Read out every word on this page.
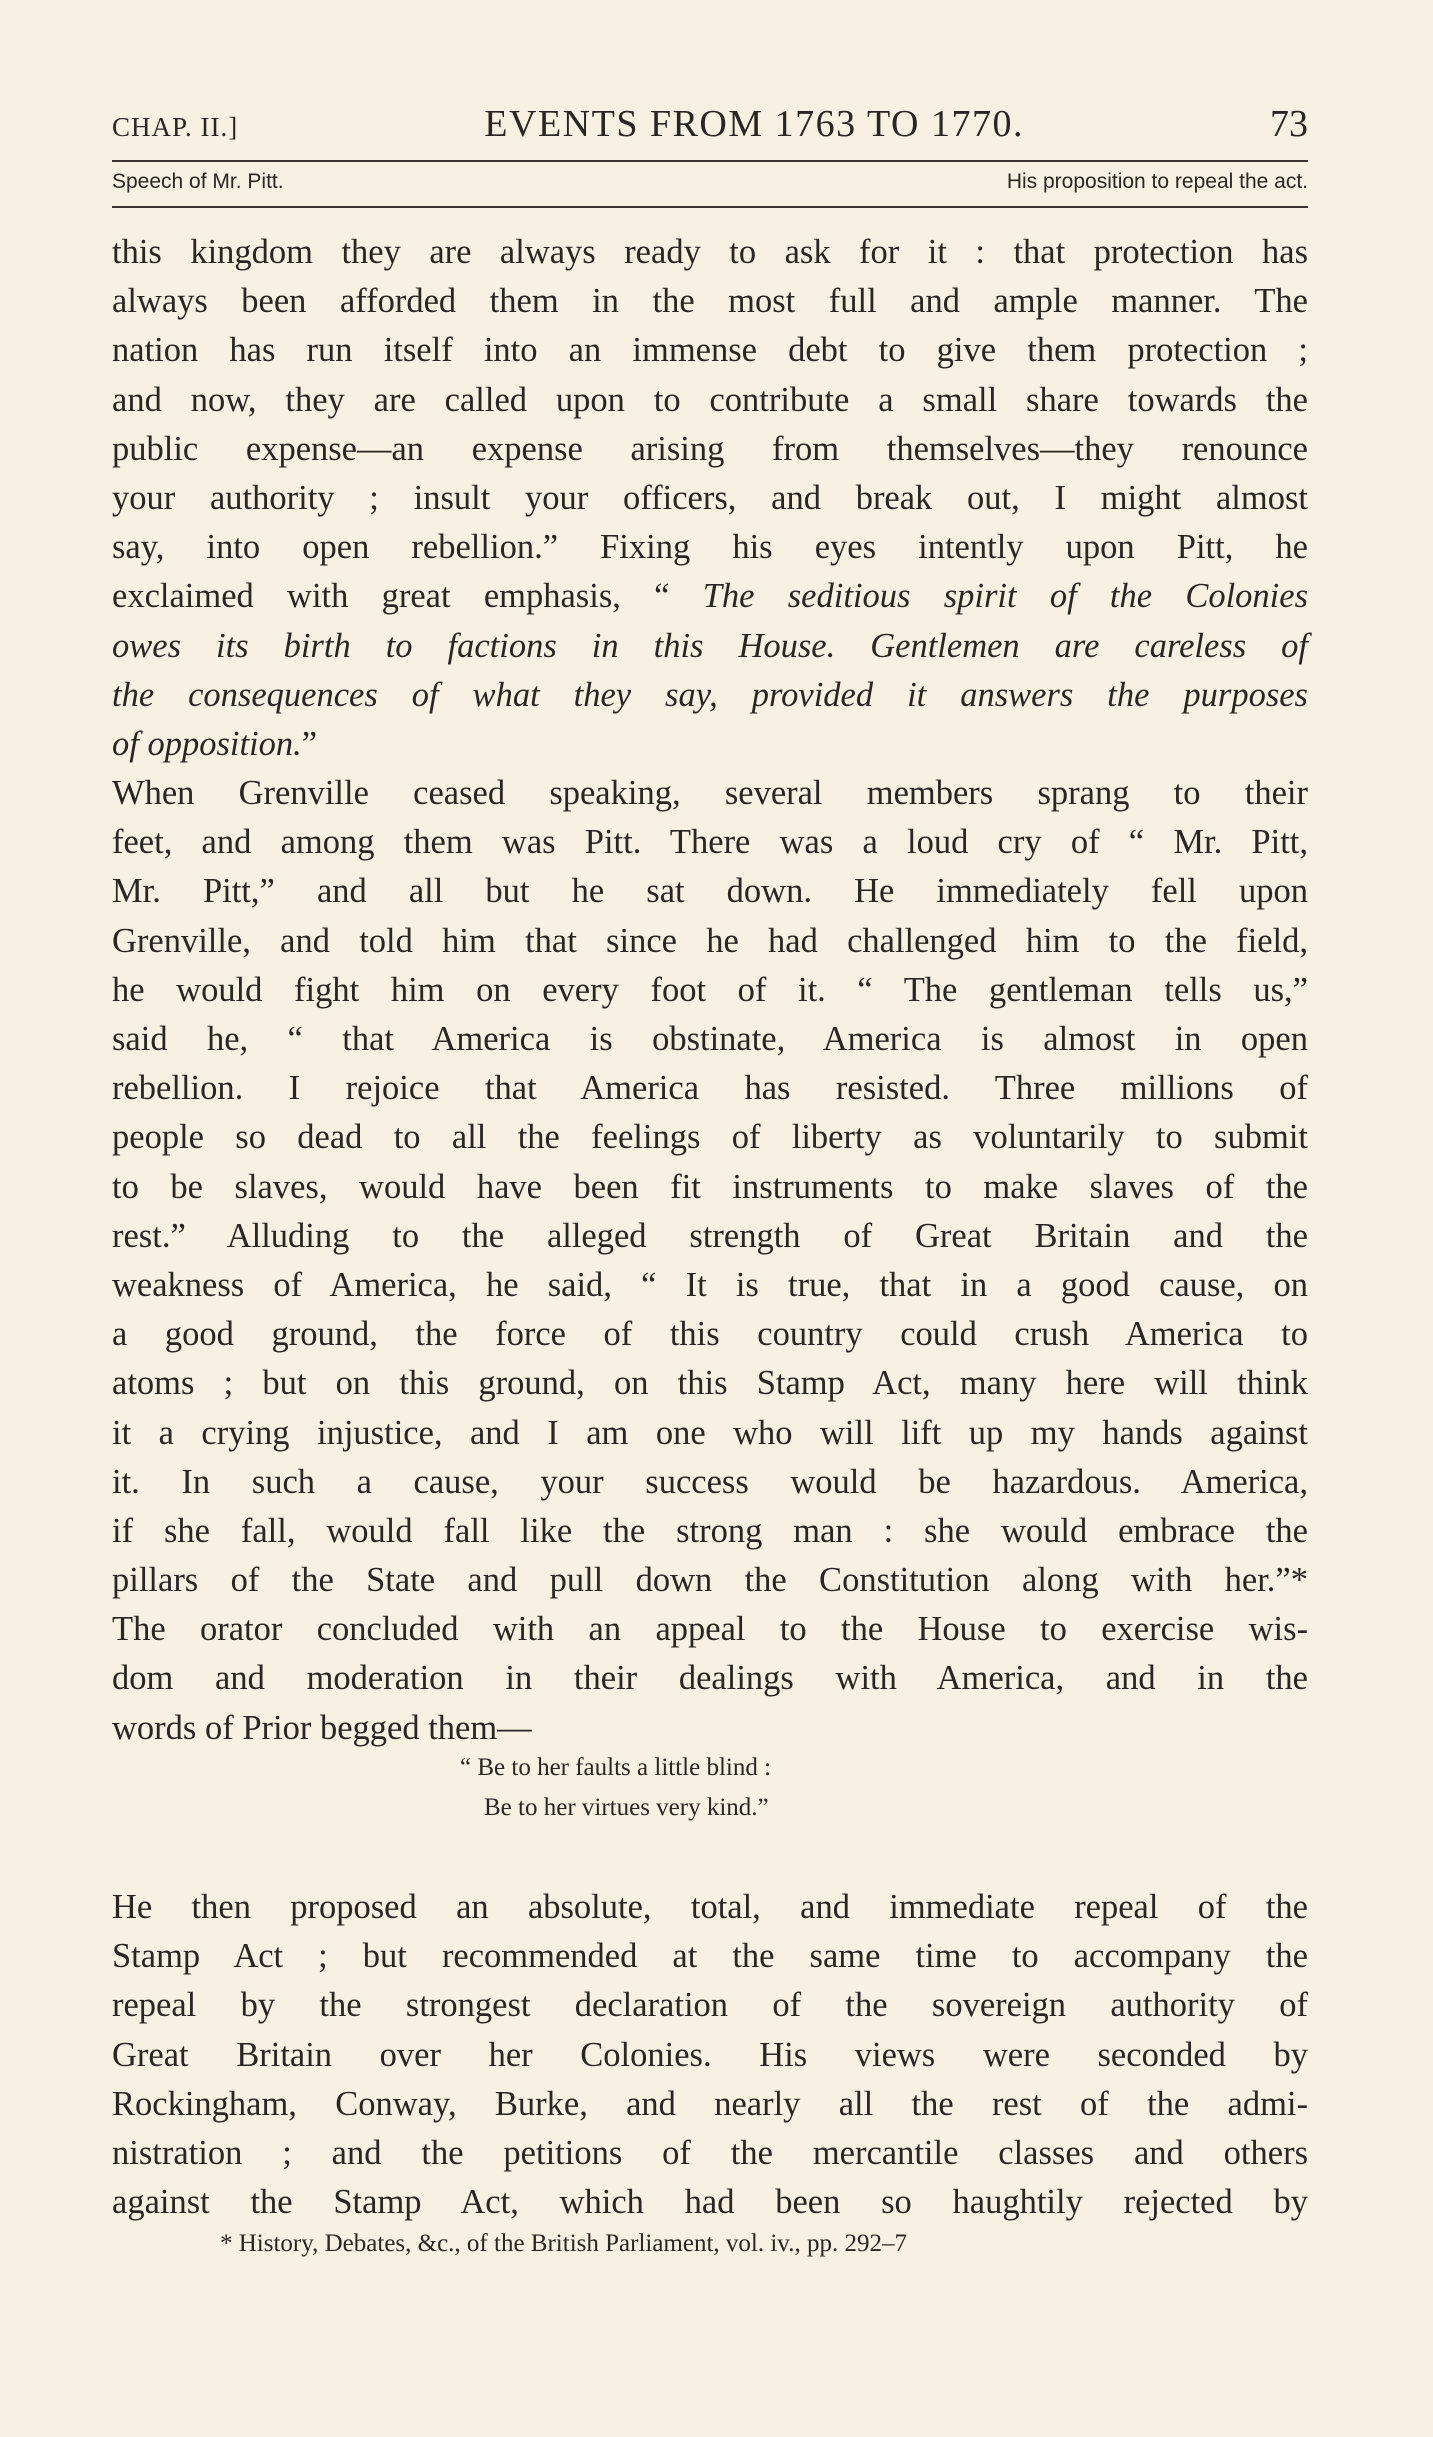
CHAP. II.]	EVENTS FROM 1763 TO 1770.	73
Speech of Mr. Pitt.	His proposition to repeal the act.
this kingdom they are always ready to ask for it : that protection has
always been afforded them in the most full and ample manner. The
nation has run itself into an immense debt to give them protection ;
and now, they are called upon to contribute a small share towards the
public expense—an expense arising from themselves—they renounce
your authority ; insult your officers, and break out, I might almost
say, into open rebellion.” Fixing his eyes intently upon Pitt, he
exclaimed with great emphasis, “ The seditious spirit of the Colonies
owes its birth to factions in this House. Gentlemen are careless of
the consequences of what they say, provided it answers the purposes
of opposition.”
When Grenville ceased speaking, several members sprang to their
feet, and among them was Pitt. There was a loud cry of “ Mr. Pitt,
Mr. Pitt,” and all but he sat down. He immediately fell upon
Grenville, and told him that since he had challenged him to the field,
he would fight him on every foot of it. “ The gentleman tells us,”
said he, “ that America is obstinate, America is almost in open
rebellion. I rejoice that America has resisted. Three millions of
people so dead to all the feelings of liberty as voluntarily to submit
to be slaves, would have been fit instruments to make slaves of the
rest.” Alluding to the alleged strength of Great Britain and the
weakness of America, he said, “ It is true, that in a good cause, on
a good ground, the force of this country could crush America to
atoms ; but on this ground, on this Stamp Act, many here will think
it a crying injustice, and I am one who will lift up my hands against
it. In such a cause, your success would be hazardous. America,
if she fall, would fall like the strong man : she would embrace the
pillars of the State and pull down the Constitution along with her.”*
The orator concluded with an appeal to the House to exercise wis-
dom and moderation in their dealings with America, and in the
words of Prior begged them—
“ Be to her faults a little blind :
Be to her virtues very kind.”
He then proposed an absolute, total, and immediate repeal of the
Stamp Act ; but recommended at the same time to accompany the
repeal by the strongest declaration of the sovereign authority of
Great Britain over her Colonies. His views were seconded by
Rockingham, Conway, Burke, and nearly all the rest of the admi-
nistration ; and the petitions of the mercantile classes and others
against the Stamp Act, which had been so haughtily rejected by
* History, Debates, &c., of the British Parliament, vol. iv., pp. 292–7
